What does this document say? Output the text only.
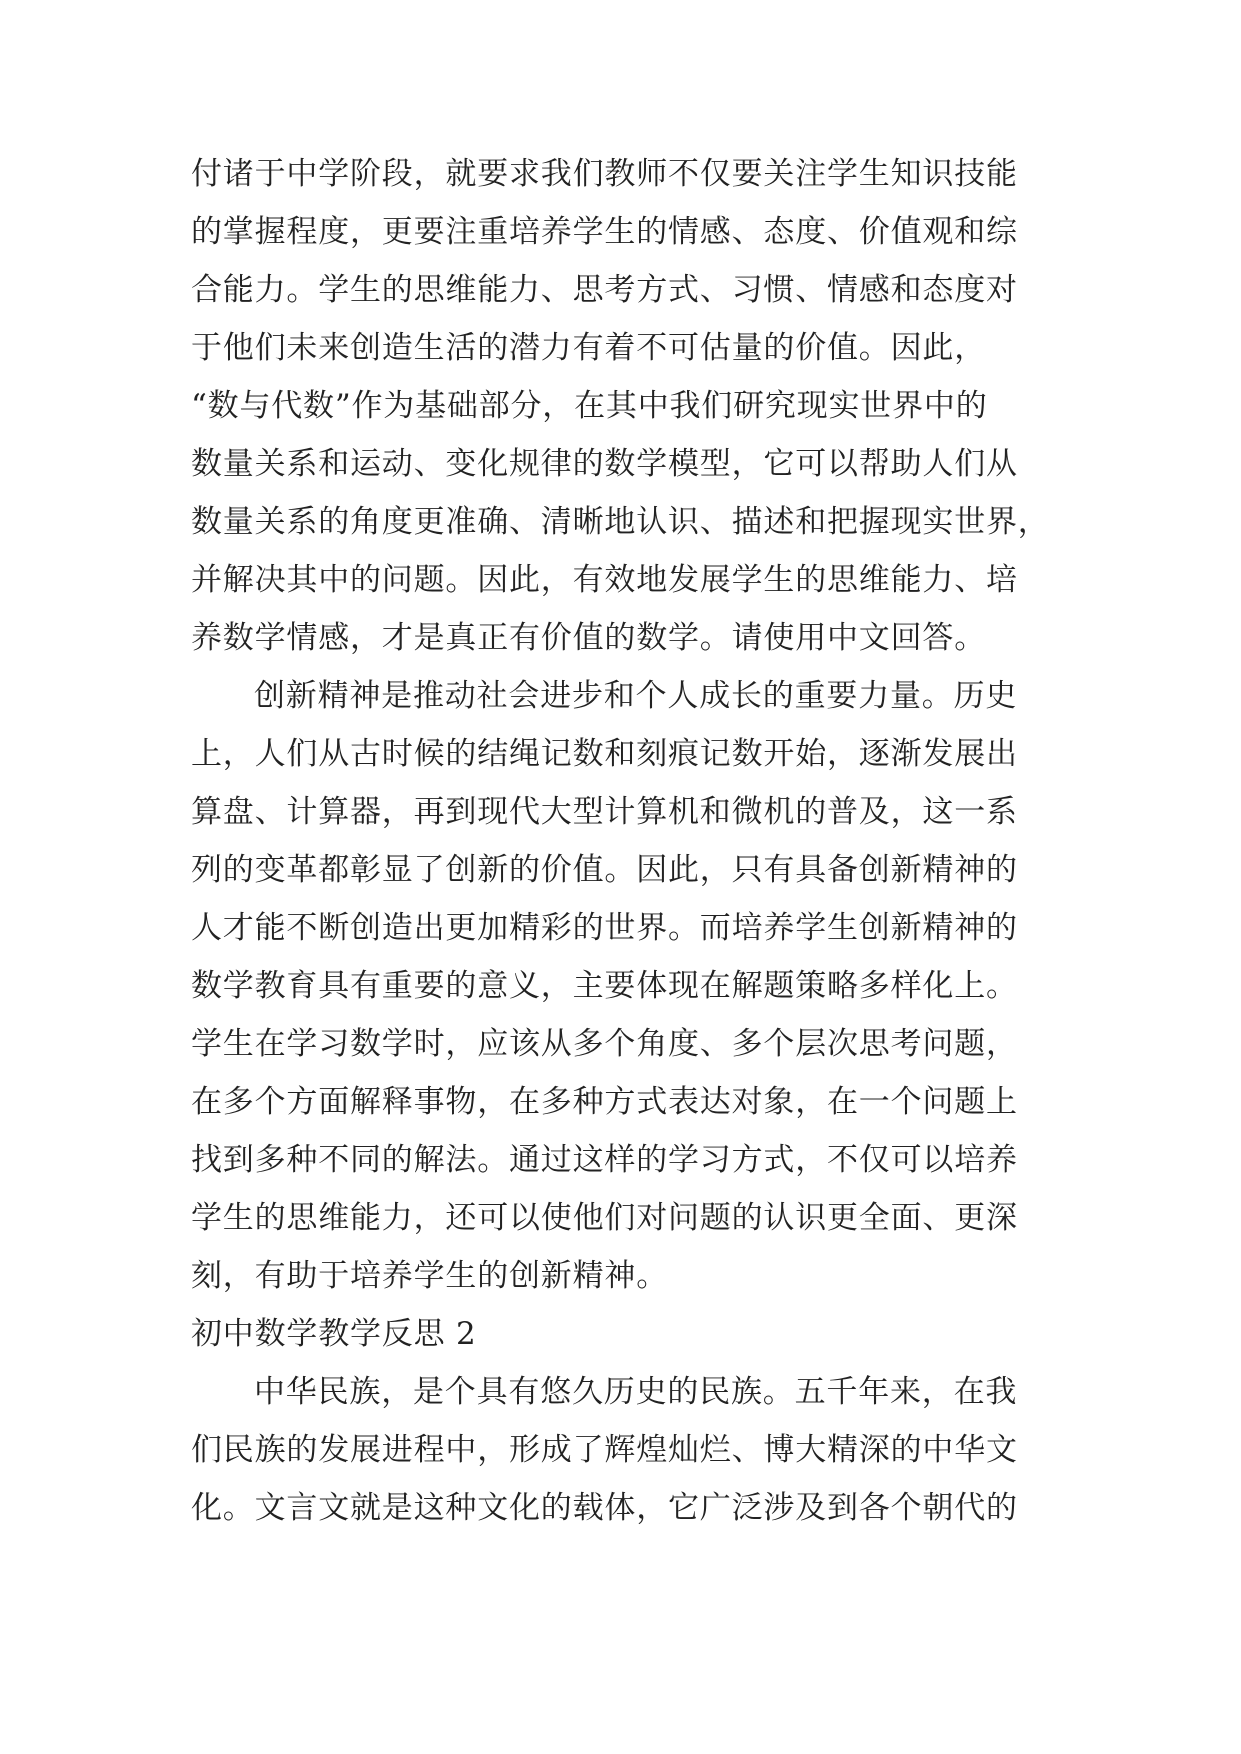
付诸于中学阶段，就要求我们教师不仅要关注学生知识技能
的掌握程度，更要注重培养学生的情感、态度、价值观和综
合能力。学生的思维能力、思考方式、习惯、情感和态度对
于他们未来创造生活的潜力有着不可估量的价值。因此，
“数与代数”作为基础部分，在其中我们研究现实世界中的
数量关系和运动、变化规律的数学模型，它可以帮助人们从
数量关系的角度更准确、清晰地认识、描述和把握现实世界，
并解决其中的问题。因此，有效地发展学生的思维能力、培
养数学情感，才是真正有价值的数学。请使用中文回答。
创新精神是推动社会进步和个人成长的重要力量。历史
上，人们从古时候的结绳记数和刻痕记数开始，逐渐发展出
算盘、计算器，再到现代大型计算机和微机的普及，这一系
列的变革都彰显了创新的价值。因此，只有具备创新精神的
人才能不断创造出更加精彩的世界。而培养学生创新精神的
数学教育具有重要的意义，主要体现在解题策略多样化上。
学生在学习数学时，应该从多个角度、多个层次思考问题，
在多个方面解释事物，在多种方式表达对象，在一个问题上
找到多种不同的解法。通过这样的学习方式，不仅可以培养
学生的思维能力，还可以使他们对问题的认识更全面、更深
刻，有助于培养学生的创新精神。
初中数学教学反思 2
中华民族，是个具有悠久历史的民族。五千年来，在我
们民族的发展进程中，形成了辉煌灿烂、博大精深的中华文
化。文言文就是这种文化的载体，它广泛涉及到各个朝代的
